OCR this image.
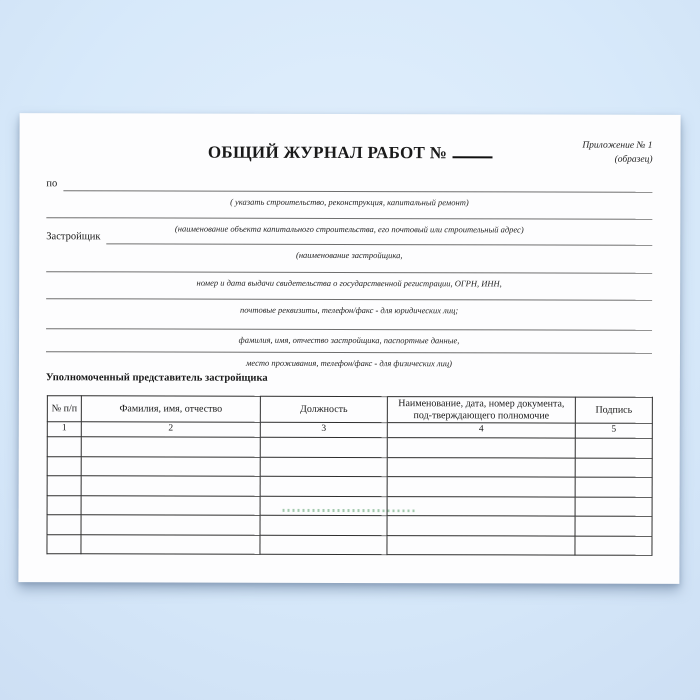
Приложение № 1
(образец)
ОБЩИЙ ЖУРНАЛ РАБОТ №
по
( указать строительство, реконструкция, капитальный ремонт)
(наименование объекта капитального строительства, его почтовый или строительный адрес)
Застройщик
(наименование застройщика,
номер и дата выдачи свидетельства о государственной регистрации, ОГРН, ИНН,
почтовые реквизиты, телефон/факс - для юридических лиц;
фамилия, имя, отчество застройщика, паспортные данные,
место проживания, телефон/факс - для физических лиц)
Уполномоченный представитель застройщика
№ п/п	Фамилия, имя, отчество	Должность	Наименование, дата, номер документа, под-тверждающего полномочие	Подпись
1	2	3	4	5
